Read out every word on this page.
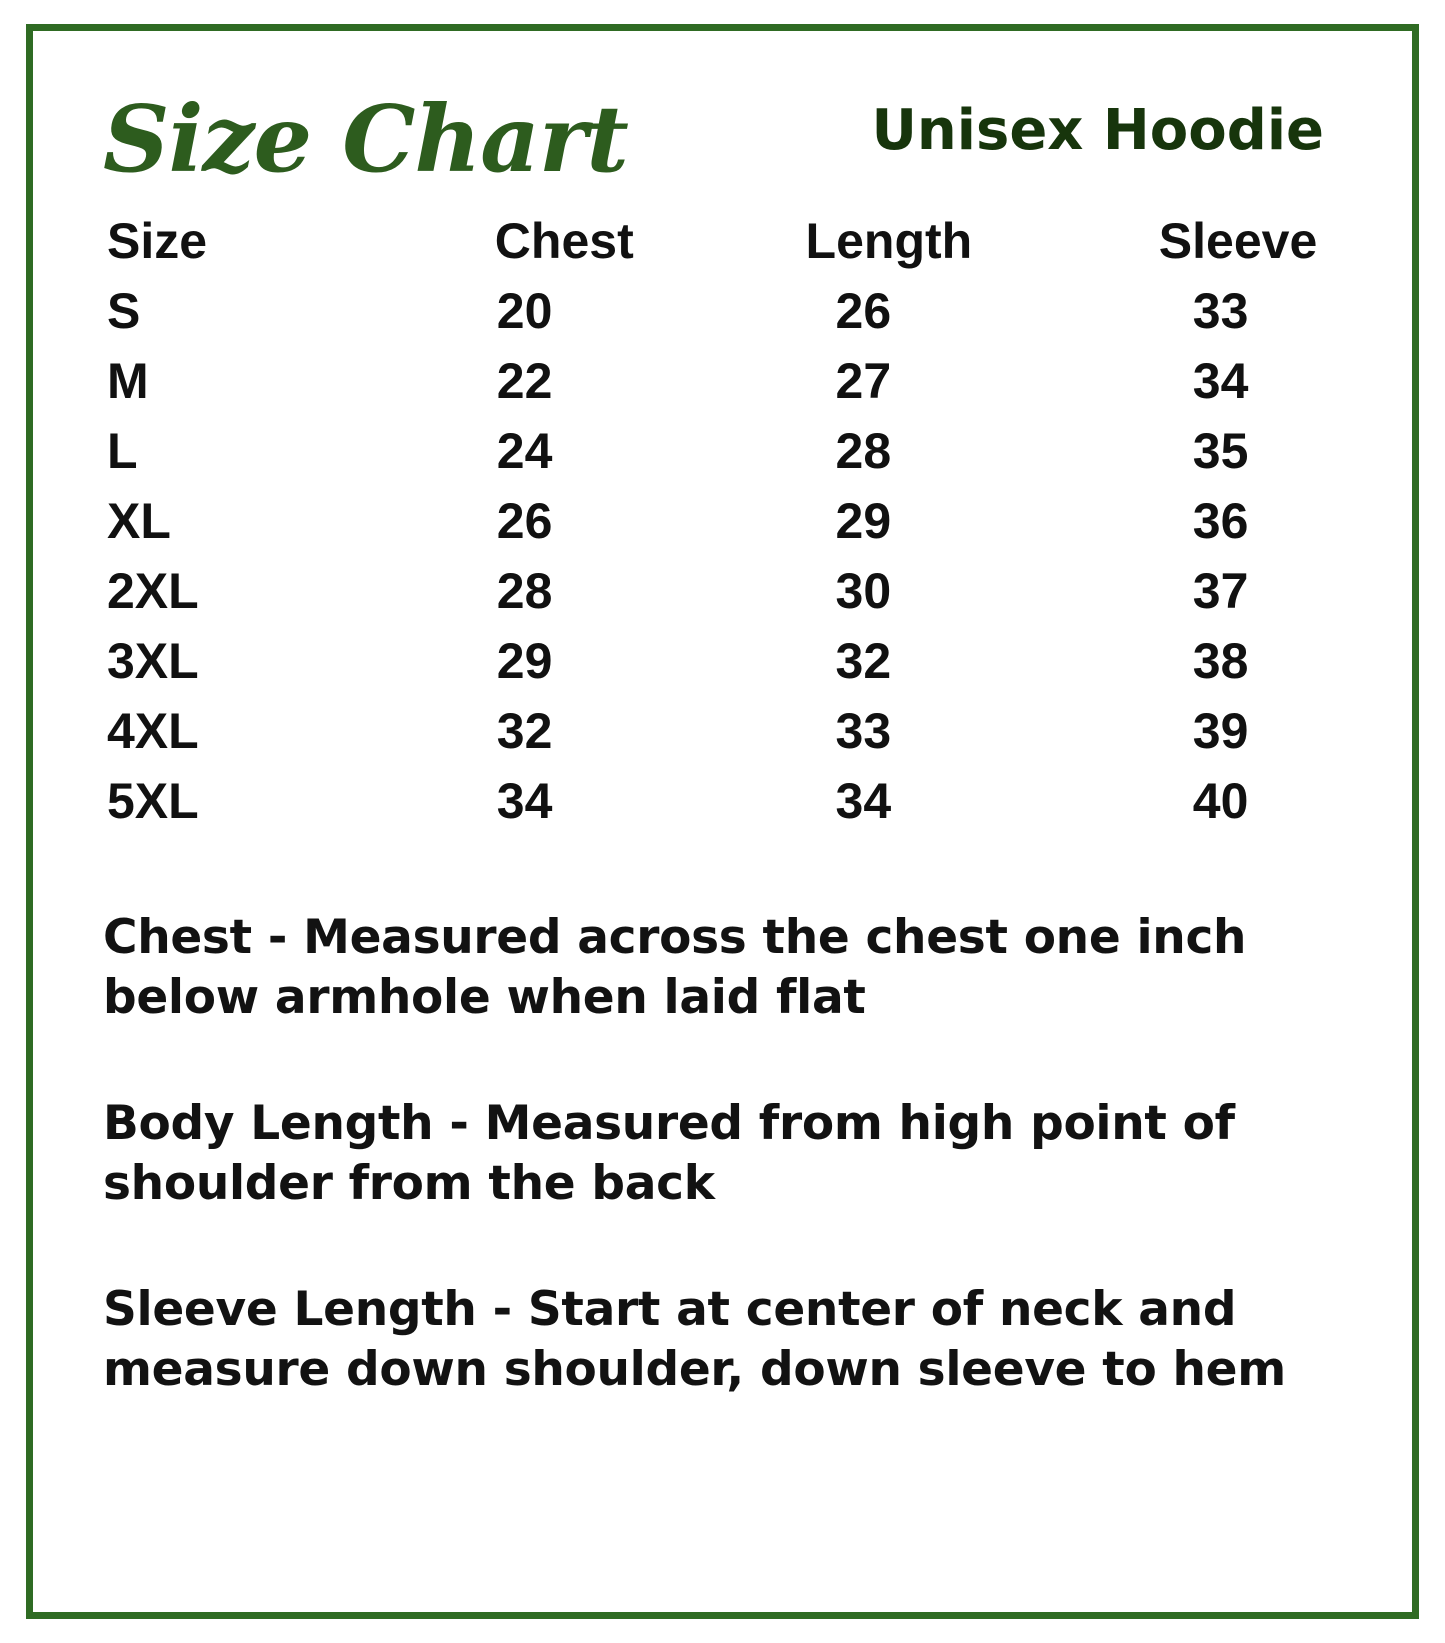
Size Chart	Unisex Hoodie
Size	Chest	Length	Sleeve
S	20	26	33
M	22	27	34
L	24	28	35
XL	26	29	36
2XL	28	30	37
3XL	29	32	38
4XL	32	33	39
5XL	34	34	40
Chest - Measured across the chest one inch below armhole when laid flat
Body Length - Measured from high point of shoulder from the back
Sleeve Length - Start at center of neck and measure down shoulder, down sleeve to hem
